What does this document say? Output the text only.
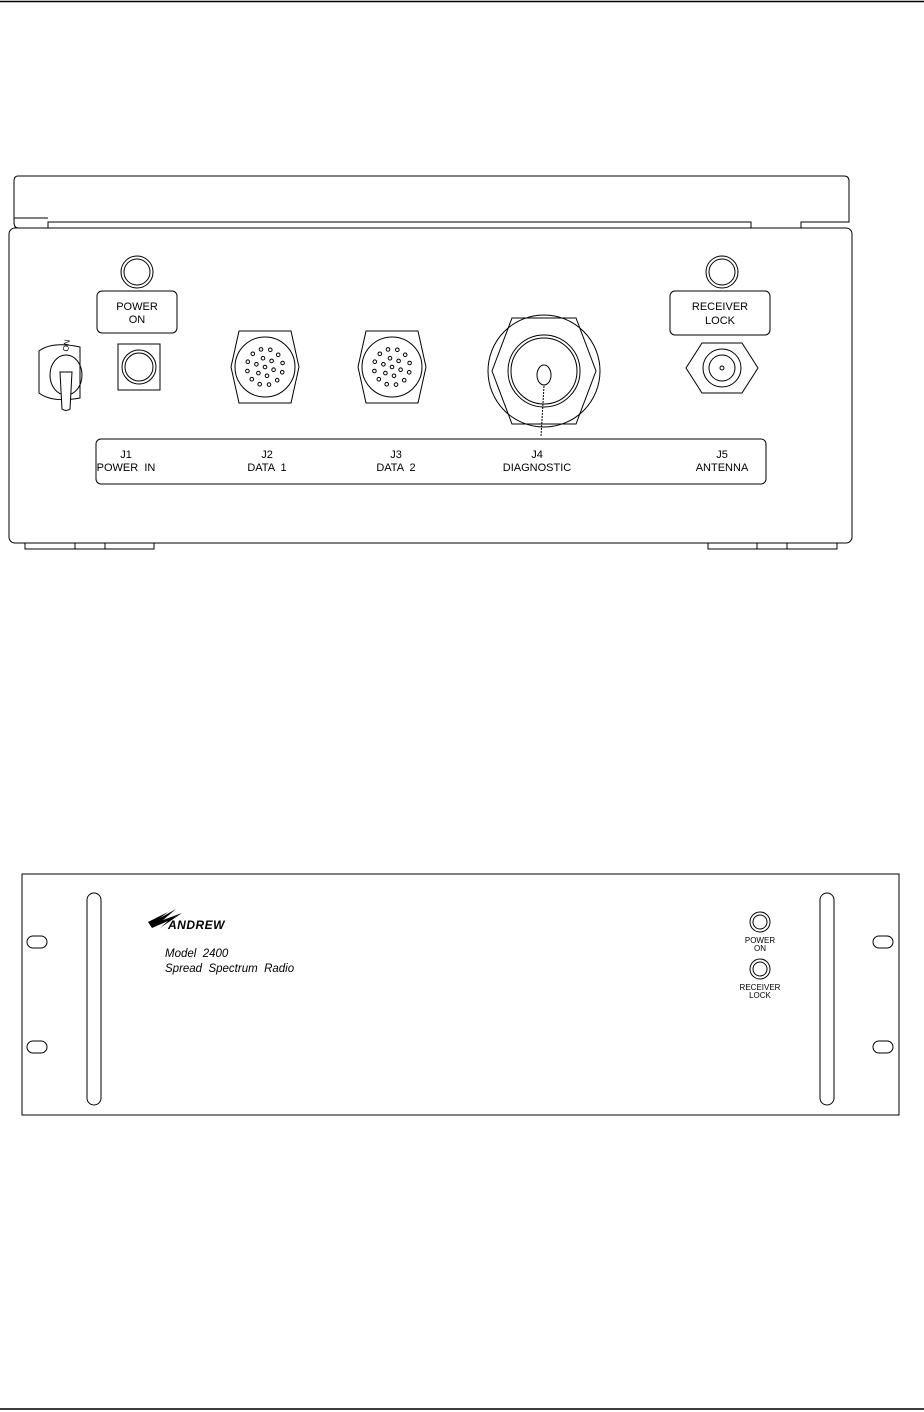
POWER
ON
RECEIVER
LOCK
ON
J1
POWER  IN
J2
DATA  1
J3
DATA  2
J4
DIAGNOSTIC
J5
ANTENNA
ANDREW
Model  2400
Spread  Spectrum  Radio
POWER
ON
RECEIVER
LOCK
